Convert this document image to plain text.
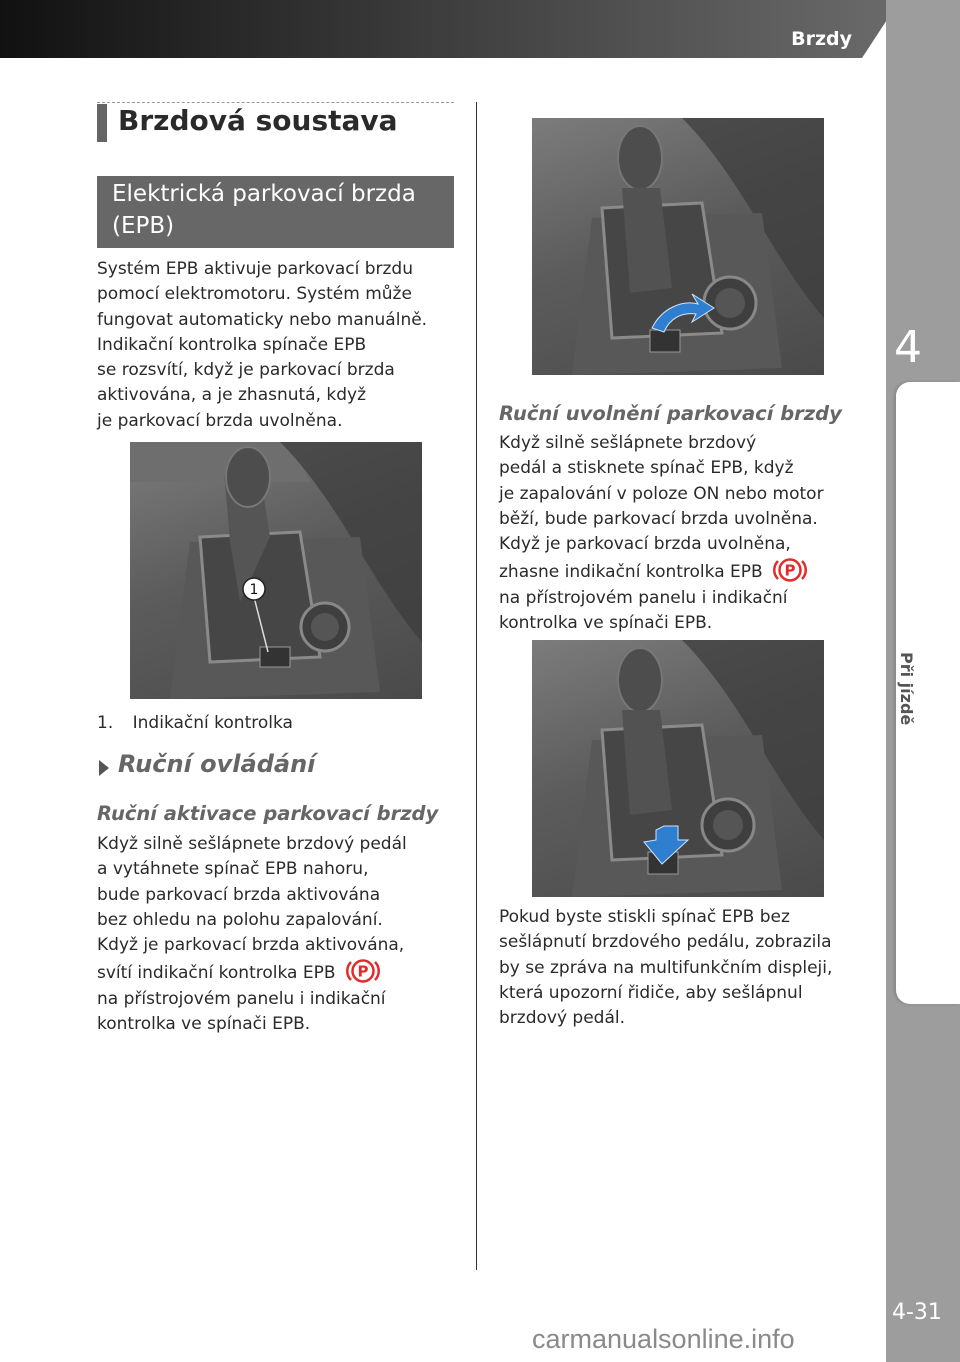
Brzdy
4
Při jízdě
4-31
Brzdová soustava
Elektrická parkovací brzda (EPB)
Systém EPB aktivuje parkovací brzdu
pomocí elektromotoru. Systém může
fungovat automaticky nebo manuálně.
Indikační kontrolka spínače EPB
se rozsvítí, když je parkovací brzda
aktivována, a je zhasnutá, když
je parkovací brzda uvolněna.
1
1. Indikační kontrolka
Ruční ovládání
Ruční aktivace parkovací brzdy
Když silně sešlápnete brzdový pedál
a vytáhnete spínač EPB nahoru,
bude parkovací brzda aktivována
bez ohledu na polohu zapalování.
Když je parkovací brzda aktivována,
svítí indikační kontrolka EPB P
na přístrojovém panelu i indikační
kontrolka ve spínači EPB.
Ruční uvolnění parkovací brzdy
Když silně sešlápnete brzdový
pedál a stisknete spínač EPB, když
je zapalování v poloze ON nebo motor
běží, bude parkovací brzda uvolněna.
Když je parkovací brzda uvolněna,
zhasne indikační kontrolka EPB P
na přístrojovém panelu i indikační
kontrolka ve spínači EPB.
Pokud byste stiskli spínač EPB bez
sešlápnutí brzdového pedálu, zobrazila
by se zpráva na multifunkčním displeji,
která upozorní řidiče, aby sešlápnul
brzdový pedál.
carmanualsonline.info
